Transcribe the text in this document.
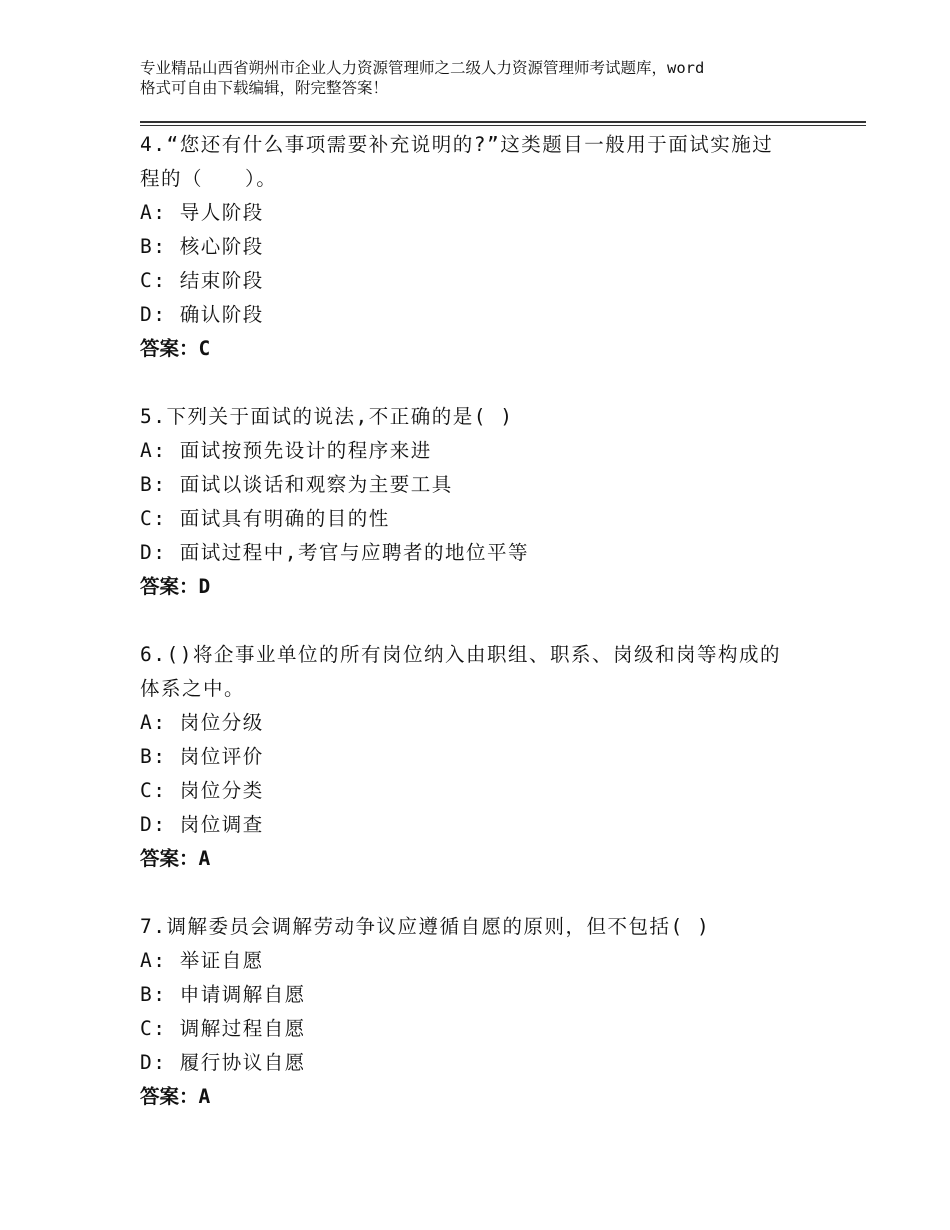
专业精品山西省朔州市企业人力资源管理师之二级人力资源管理师考试题库，word
格式可自由下载编辑，附完整答案！
4.“您还有什么事项需要补充说明的?”这类题目一般用于面试实施过
程的（　　）。
A: 导人阶段
B: 核心阶段
C: 结束阶段
D: 确认阶段
答案：C
5.下列关于面试的说法,不正确的是( )
A: 面试按预先设计的程序来进
B: 面试以谈话和观察为主要工具
C: 面试具有明确的目的性
D: 面试过程中,考官与应聘者的地位平等
答案：D
6.()将企事业单位的所有岗位纳入由职组、职系、岗级和岗等构成的
体系之中。
A: 岗位分级
B: 岗位评价
C: 岗位分类
D: 岗位调查
答案：A
7.调解委员会调解劳动争议应遵循自愿的原则，但不包括( )
A: 举证自愿
B: 申请调解自愿
C: 调解过程自愿
D: 履行协议自愿
答案：A
